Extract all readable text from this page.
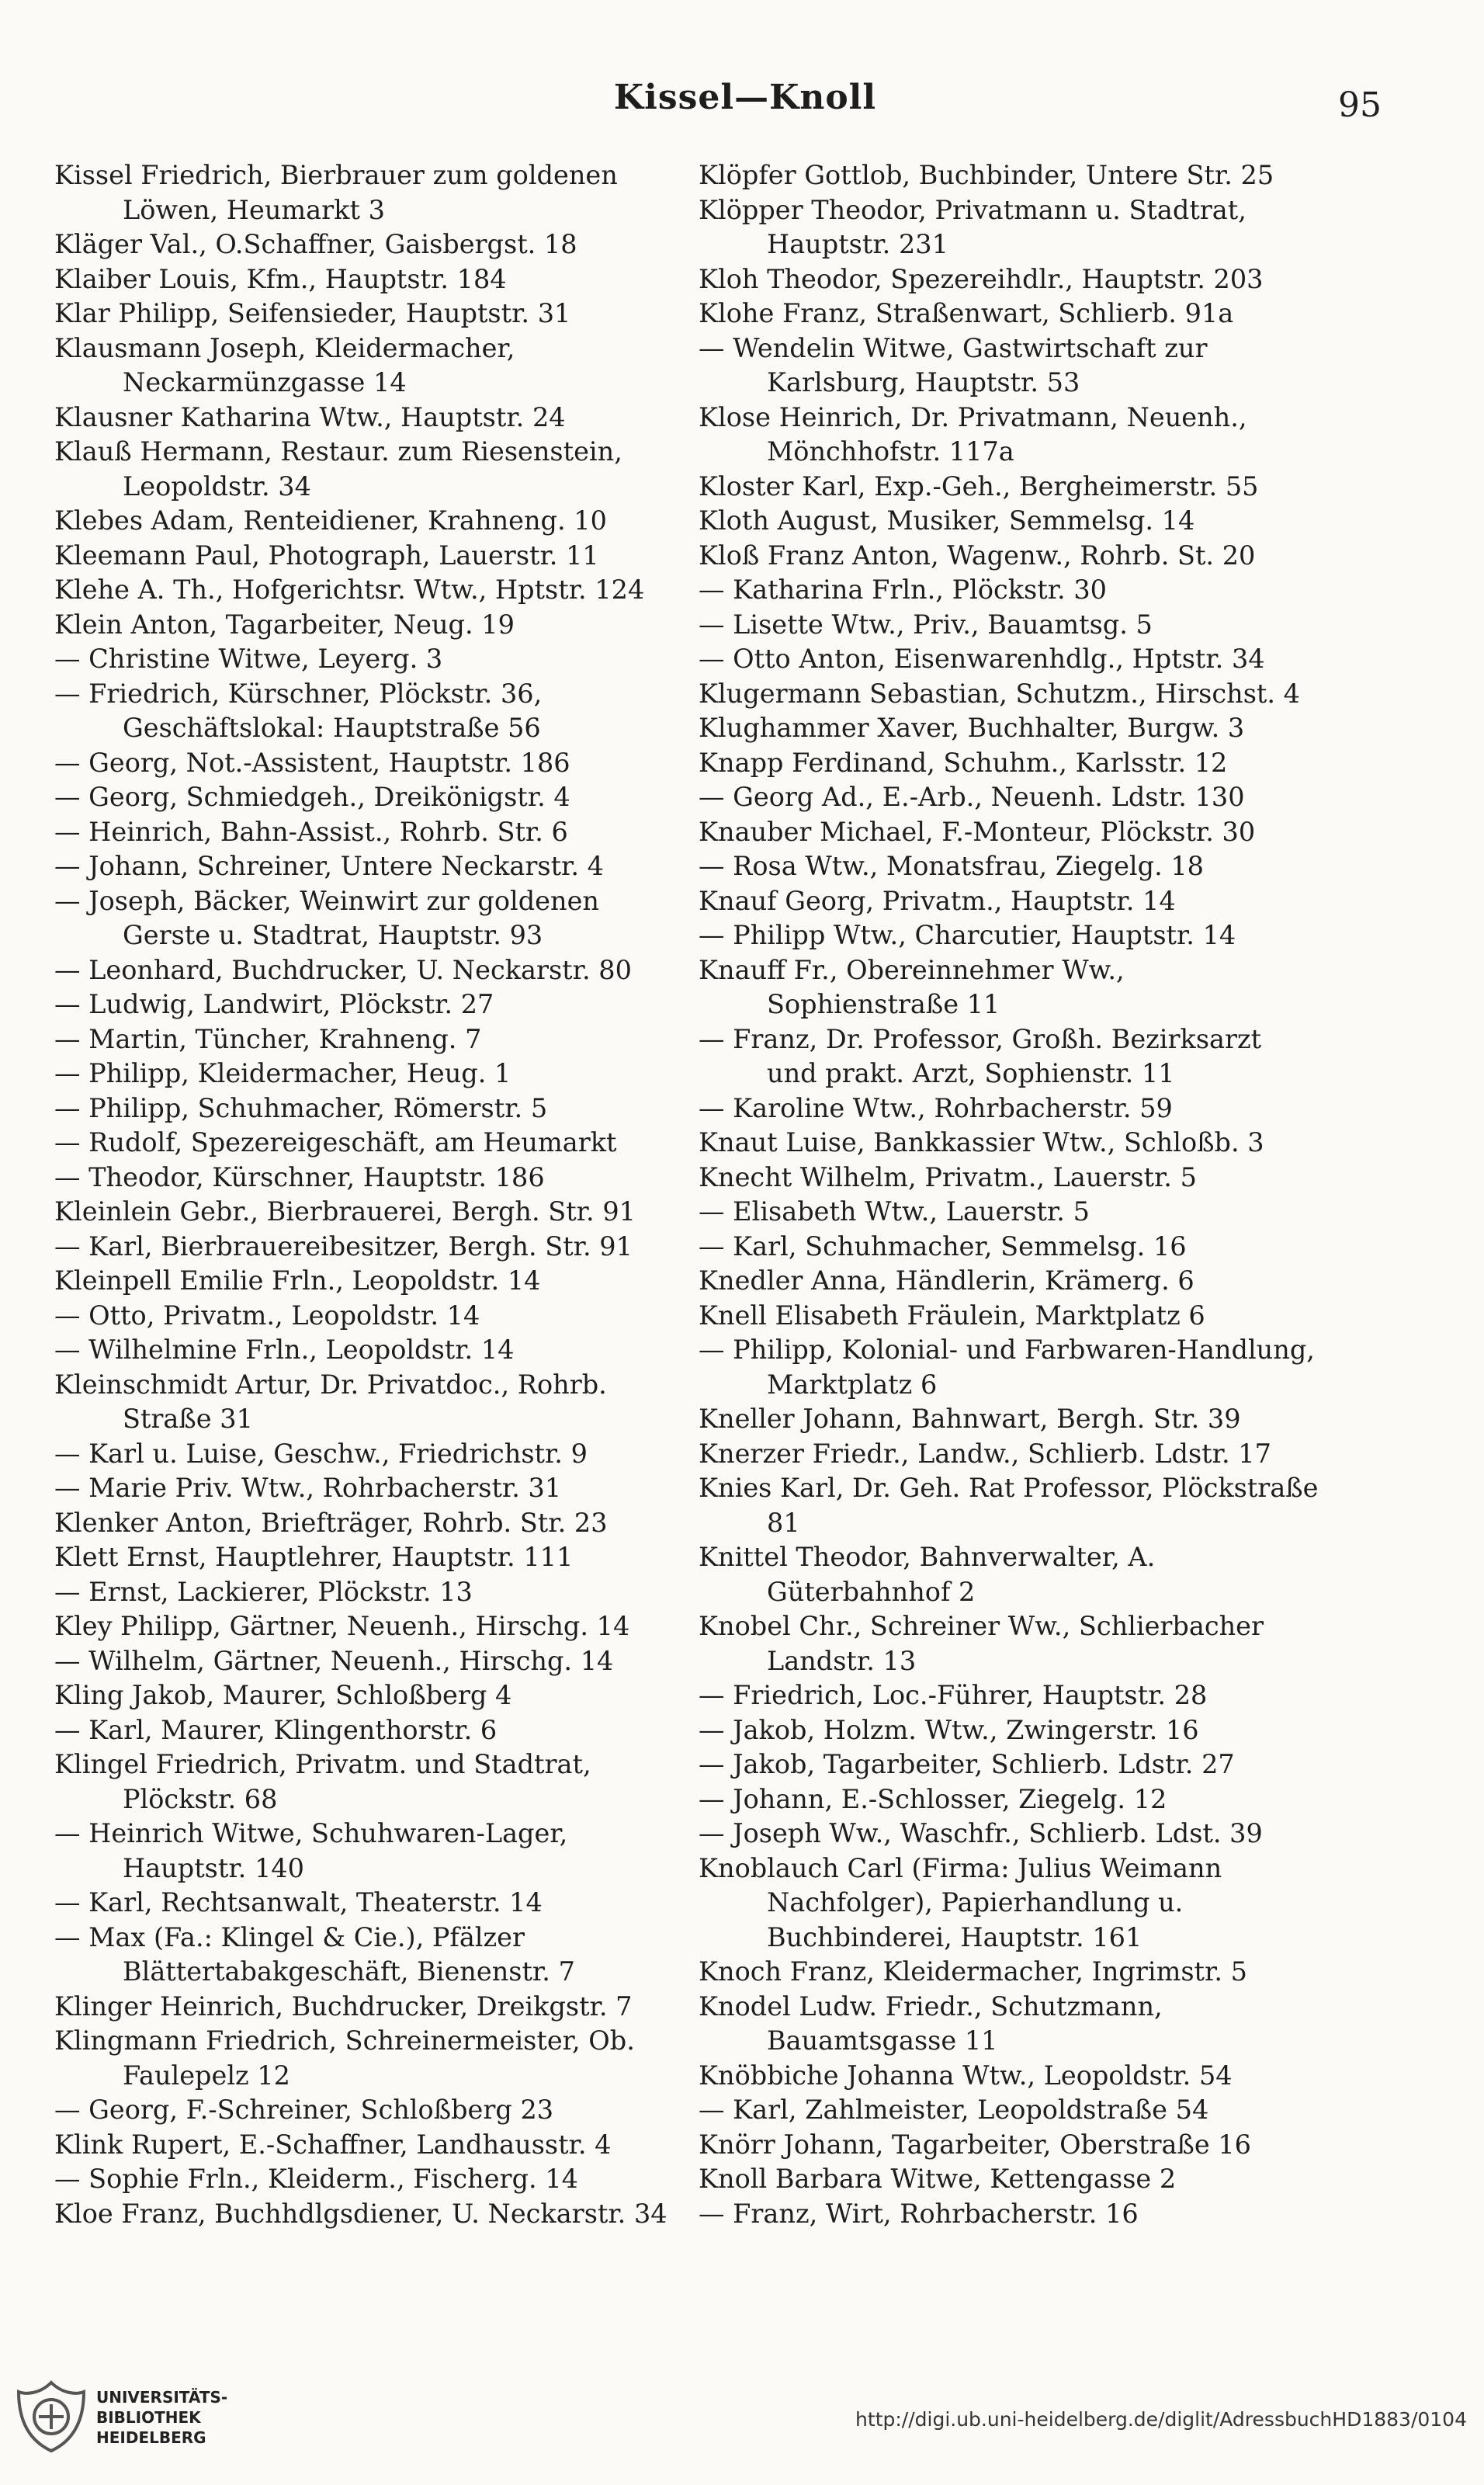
Kissel—Knoll	95

Kissel Friedrich, Bierbrauer zum goldenen Löwen, Heumarkt 3

Kläger Val., O.Schaffner, Gaisbergst. 18

Klaiber Louis, Kfm., Hauptstr. 184

Klar Philipp, Seifensieder, Hauptstr. 31

Klausmann Joseph, Kleidermacher, Neckarmünzgasse 14

Klausner Katharina Wtw., Hauptstr. 24

Klauß Hermann, Restaur. zum Riesenstein, Leopoldstr. 34

Klebes Adam, Renteidiener, Krahneng. 10

Kleemann Paul, Photograph, Lauerstr. 11

Klehe A. Th., Hofgerichtsr. Wtw., Hptstr. 124

Klein Anton, Tagarbeiter, Neug. 19

— Christine Witwe, Leyerg. 3

— Friedrich, Kürschner, Plöckstr. 36, Geschäftslokal: Hauptstraße 56

— Georg, Not.-Assistent, Hauptstr. 186

— Georg, Schmiedgeh., Dreikönigstr. 4

— Heinrich, Bahn-Assist., Rohrb. Str. 6

— Johann, Schreiner, Untere Neckarstr. 4

— Joseph, Bäcker, Weinwirt zur goldenen Gerste u. Stadtrat, Hauptstr. 93

— Leonhard, Buchdrucker, U. Neckarstr. 80

— Ludwig, Landwirt, Plöckstr. 27

— Martin, Tüncher, Krahneng. 7

— Philipp, Kleidermacher, Heug. 1

— Philipp, Schuhmacher, Römerstr. 5

— Rudolf, Spezereigeschäft, am Heumarkt

— Theodor, Kürschner, Hauptstr. 186

Kleinlein Gebr., Bierbrauerei, Bergh. Str. 91

— Karl, Bierbrauereibesitzer, Bergh. Str. 91

Kleinpell Emilie Frln., Leopoldstr. 14

— Otto, Privatm., Leopoldstr. 14

— Wilhelmine Frln., Leopoldstr. 14

Kleinschmidt Artur, Dr. Privatdoc., Rohrb. Straße 31

— Karl u. Luise, Geschw., Friedrichstr. 9

— Marie Priv. Wtw., Rohrbacherstr. 31

Klenker Anton, Briefträger, Rohrb. Str. 23

Klett Ernst, Hauptlehrer, Hauptstr. 111

— Ernst, Lackierer, Plöckstr. 13

Kley Philipp, Gärtner, Neuenh., Hirschg. 14

— Wilhelm, Gärtner, Neuenh., Hirschg. 14

Kling Jakob, Maurer, Schloßberg 4

— Karl, Maurer, Klingenthorstr. 6

Klingel Friedrich, Privatm. und Stadtrat, Plöckstr. 68

— Heinrich Witwe, Schuhwaren-Lager, Hauptstr. 140

— Karl, Rechtsanwalt, Theaterstr. 14

— Max (Fa.: Klingel & Cie.), Pfälzer Blättertabakgeschäft, Bienenstr. 7

Klinger Heinrich, Buchdrucker, Dreikgstr. 7

Klingmann Friedrich, Schreinermeister, Ob. Faulepelz 12

— Georg, F.-Schreiner, Schloßberg 23

Klink Rupert, E.-Schaffner, Landhausstr. 4

— Sophie Frln., Kleiderm., Fischerg. 14

Kloe Franz, Buchhdlgsdiener, U. Neckarstr. 34

Klöpfer Gottlob, Buchbinder, Untere Str. 25

Klöpper Theodor, Privatmann u. Stadtrat, Hauptstr. 231

Kloh Theodor, Spezereihdlr., Hauptstr. 203

Klohe Franz, Straßenwart, Schlierb. 91a

— Wendelin Witwe, Gastwirtschaft zur Karlsburg, Hauptstr. 53

Klose Heinrich, Dr. Privatmann, Neuenh., Mönchhofstr. 117a

Kloster Karl, Exp.-Geh., Bergheimerstr. 55

Kloth August, Musiker, Semmelsg. 14

Kloß Franz Anton, Wagenw., Rohrb. St. 20

— Katharina Frln., Plöckstr. 30

— Lisette Wtw., Priv., Bauamtsg. 5

— Otto Anton, Eisenwarenhdlg., Hptstr. 34

Klugermann Sebastian, Schutzm., Hirschst. 4

Klughammer Xaver, Buchhalter, Burgw. 3

Knapp Ferdinand, Schuhm., Karlsstr. 12

— Georg Ad., E.-Arb., Neuenh. Ldstr. 130

Knauber Michael, F.-Monteur, Plöckstr. 30

— Rosa Wtw., Monatsfrau, Ziegelg. 18

Knauf Georg, Privatm., Hauptstr. 14

— Philipp Wtw., Charcutier, Hauptstr. 14

Knauff Fr., Obereinnehmer Ww., Sophienstraße 11

— Franz, Dr. Professor, Großh. Bezirksarzt und prakt. Arzt, Sophienstr. 11

— Karoline Wtw., Rohrbacherstr. 59

Knaut Luise, Bankkassier Wtw., Schloßb. 3

Knecht Wilhelm, Privatm., Lauerstr. 5

— Elisabeth Wtw., Lauerstr. 5

— Karl, Schuhmacher, Semmelsg. 16

Knedler Anna, Händlerin, Krämerg. 6

Knell Elisabeth Fräulein, Marktplatz 6

— Philipp, Kolonial- und Farbwaren-Handlung, Marktplatz 6

Kneller Johann, Bahnwart, Bergh. Str. 39

Knerzer Friedr., Landw., Schlierb. Ldstr. 17

Knies Karl, Dr. Geh. Rat Professor, Plöckstraße 81

Knittel Theodor, Bahnverwalter, A. Güterbahnhof 2

Knobel Chr., Schreiner Ww., Schlierbacher Landstr. 13

— Friedrich, Loc.-Führer, Hauptstr. 28

— Jakob, Holzm. Wtw., Zwingerstr. 16

— Jakob, Tagarbeiter, Schlierb. Ldstr. 27

— Johann, E.-Schlosser, Ziegelg. 12

— Joseph Ww., Waschfr., Schlierb. Ldst. 39

Knoblauch Carl (Firma: Julius Weimann Nachfolger), Papierhandlung u. Buchbinderei, Hauptstr. 161

Knoch Franz, Kleidermacher, Ingrimstr. 5

Knodel Ludw. Friedr., Schutzmann, Bauamtsgasse 11

Knöbbiche Johanna Wtw., Leopoldstr. 54

— Karl, Zahlmeister, Leopoldstraße 54

Knörr Johann, Tagarbeiter, Oberstraße 16

Knoll Barbara Witwe, Kettengasse 2

— Franz, Wirt, Rohrbacherstr. 16

UNIVERSITÄTS-
BIBLIOTHEK
HEIDELBERG
http://digi.ub.uni-heidelberg.de/diglit/AdressbuchHD1883/0104
